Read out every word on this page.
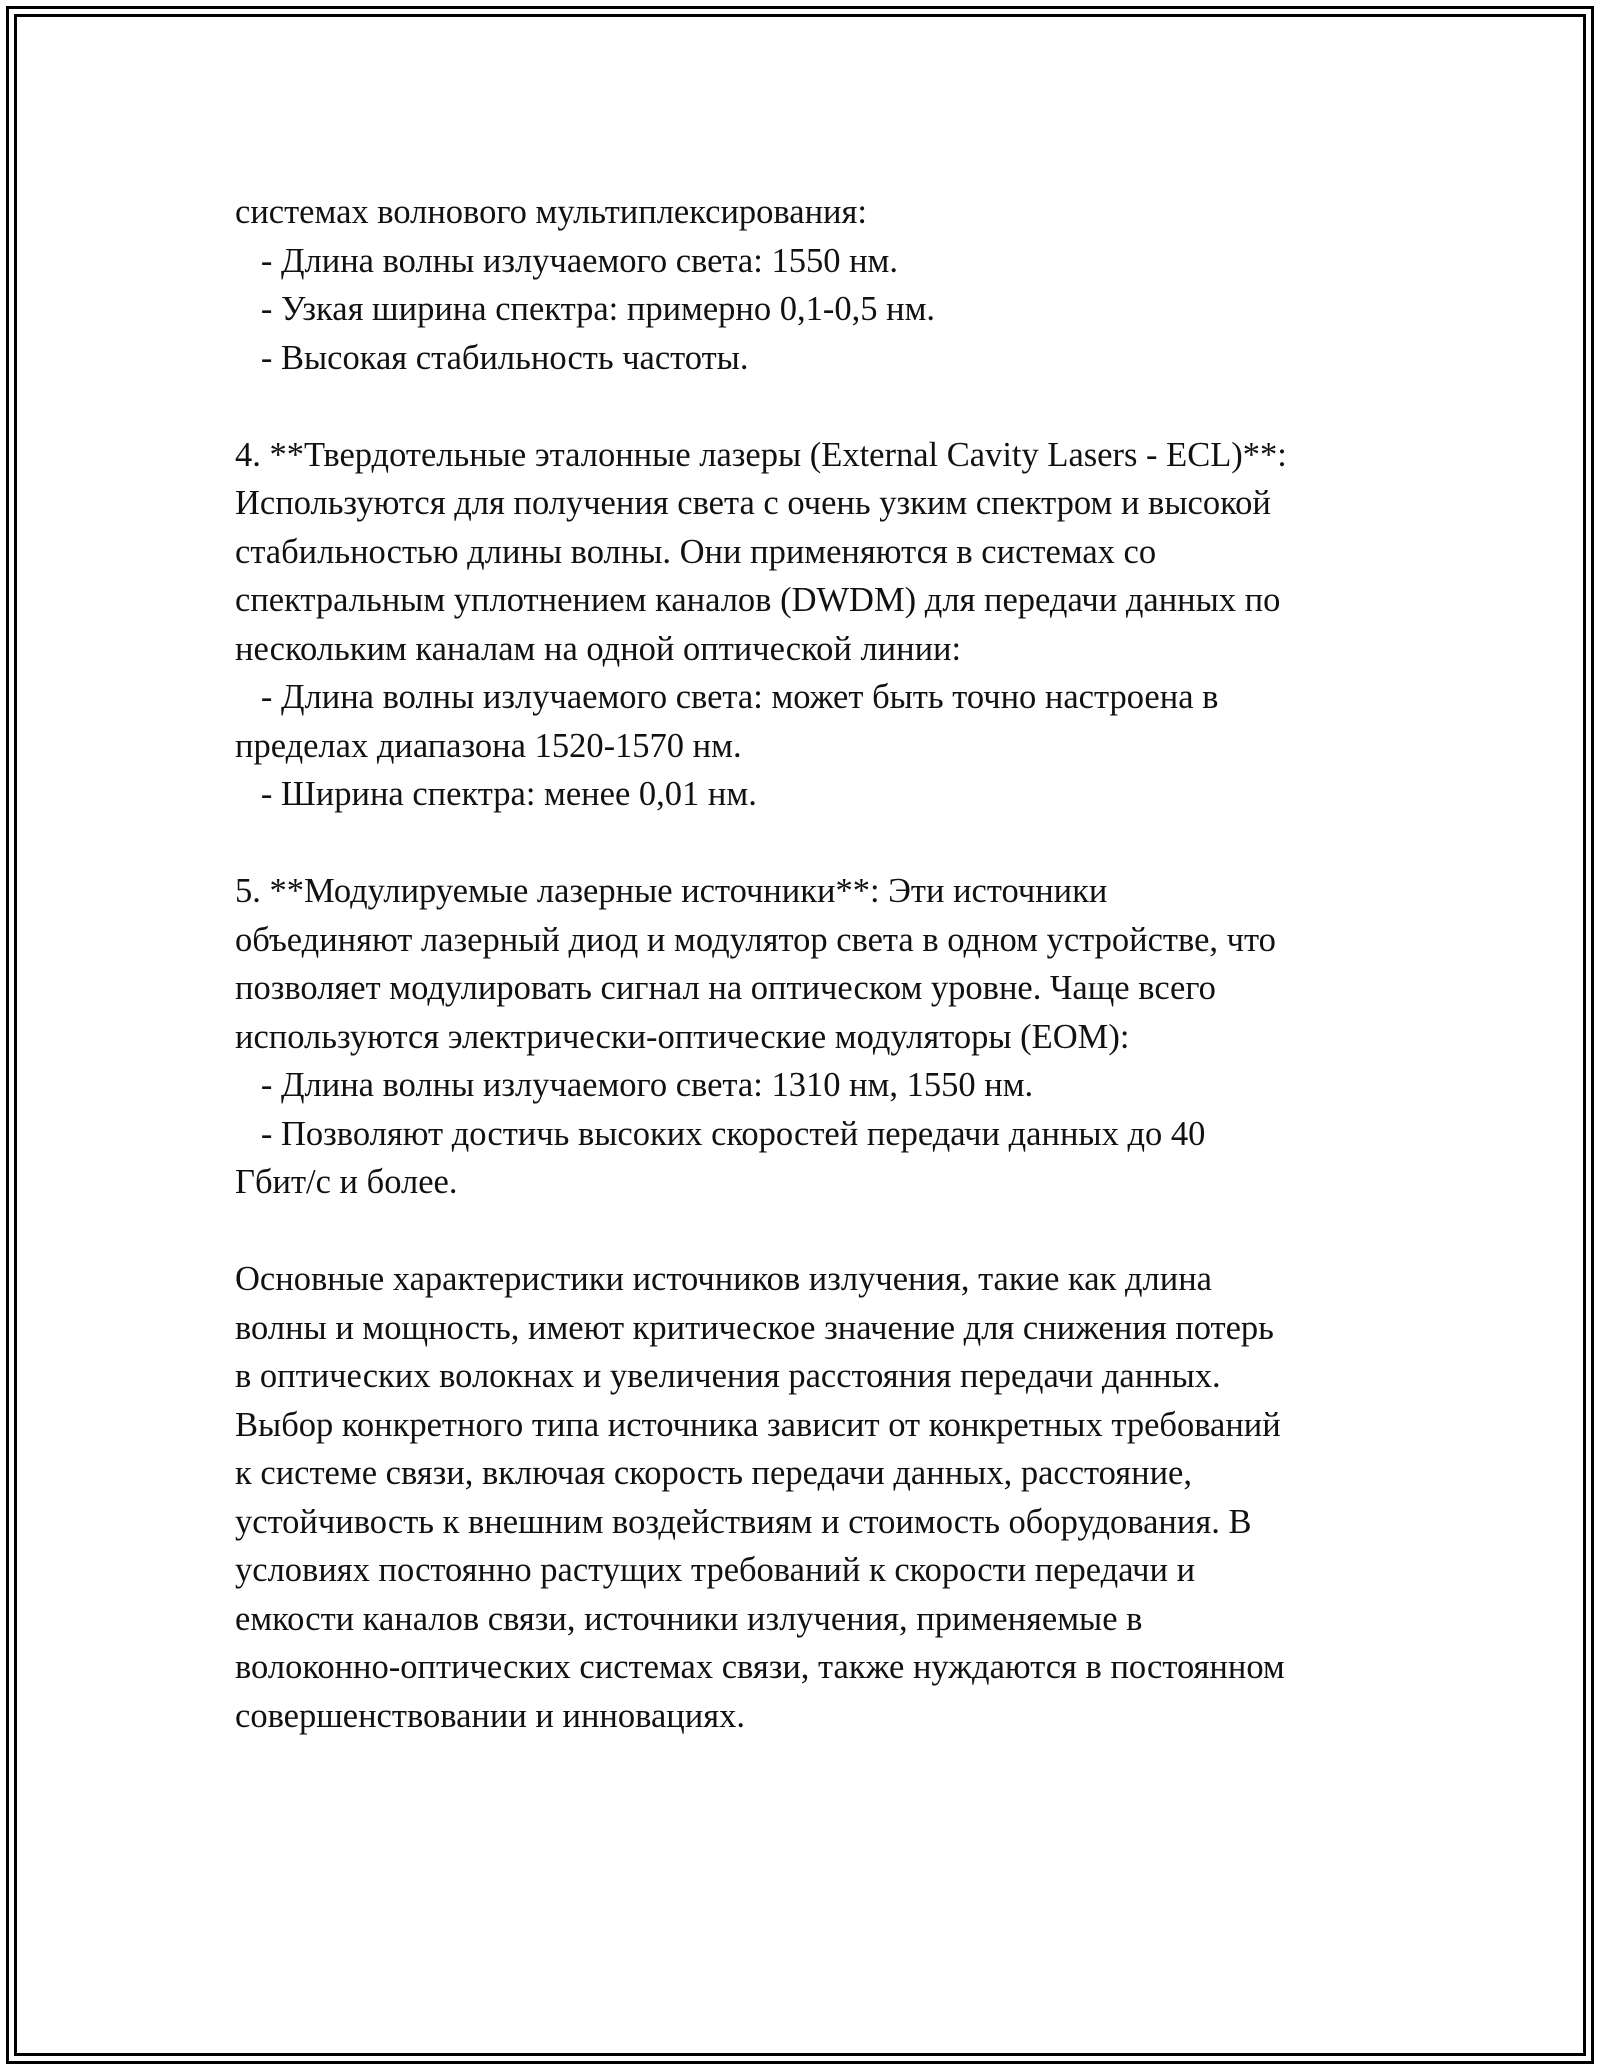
системах волнового мультиплексирования:
- Длина волны излучаемого света: 1550 нм.
- Узкая ширина спектра: примерно 0,1-0,5 нм.
- Высокая стабильность частоты.
4. **Твердотельные эталонные лазеры (External Cavity Lasers - ECL)**:
Используются для получения света с очень узким спектром и высокой
стабильностью длины волны. Они применяются в системах со
спектральным уплотнением каналов (DWDM) для передачи данных по
нескольким каналам на одной оптической линии:
- Длина волны излучаемого света: может быть точно настроена в
пределах диапазона 1520-1570 нм.
- Ширина спектра: менее 0,01 нм.
5. **Модулируемые лазерные источники**: Эти источники
объединяют лазерный диод и модулятор света в одном устройстве, что
позволяет модулировать сигнал на оптическом уровне. Чаще всего
используются электрически-оптические модуляторы (EOM):
- Длина волны излучаемого света: 1310 нм, 1550 нм.
- Позволяют достичь высоких скоростей передачи данных до 40
Гбит/с и более.
Основные характеристики источников излучения, такие как длина
волны и мощность, имеют критическое значение для снижения потерь
в оптических волокнах и увеличения расстояния передачи данных.
Выбор конкретного типа источника зависит от конкретных требований
к системе связи, включая скорость передачи данных, расстояние,
устойчивость к внешним воздействиям и стоимость оборудования. В
условиях постоянно растущих требований к скорости передачи и
емкости каналов связи, источники излучения, применяемые в
волоконно-оптических системах связи, также нуждаются в постоянном
совершенствовании и инновациях.
